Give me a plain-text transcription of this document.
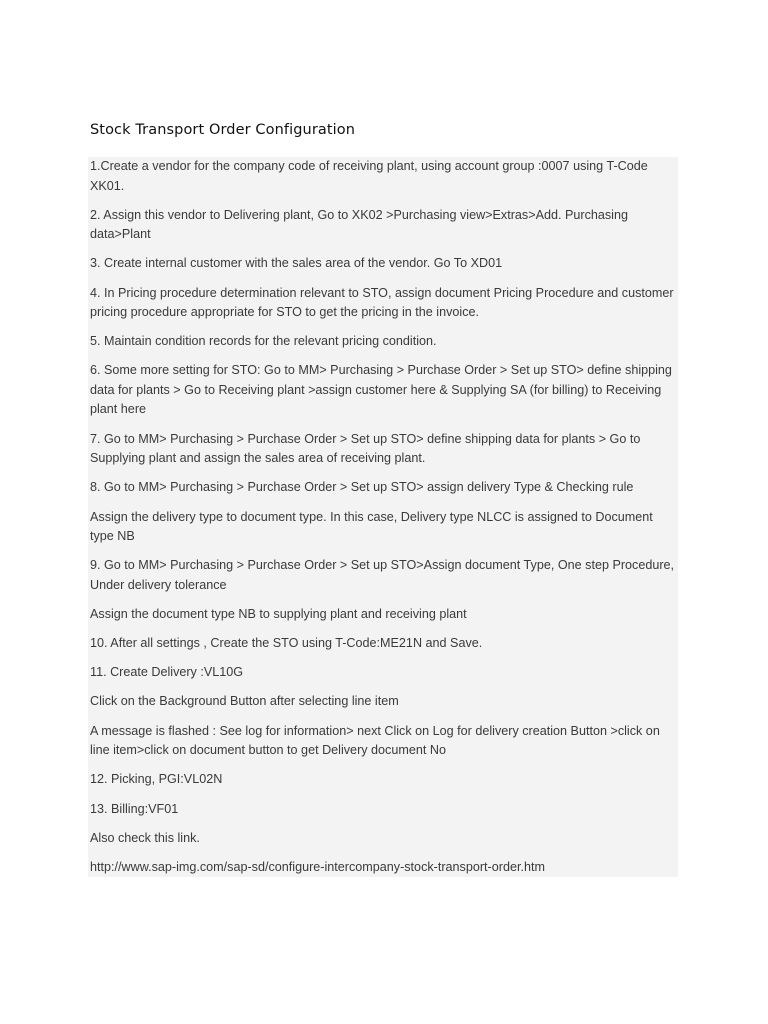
Stock Transport Order Configuration

1.Create a vendor for the company code of receiving plant, using account group :0007 using T-Code XK01.

2. Assign this vendor to Delivering plant, Go to XK02 >Purchasing view>Extras>Add. Purchasing data>Plant

3. Create internal customer with the sales area of the vendor. Go To XD01

4. In Pricing procedure determination relevant to STO, assign document Pricing Procedure and customer pricing procedure appropriate for STO to get the pricing in the invoice.

5. Maintain condition records for the relevant pricing condition.

6. Some more setting for STO: Go to MM> Purchasing > Purchase Order > Set up STO> define shipping data for plants > Go to Receiving plant >assign customer here & Supplying SA (for billing) to Receiving plant here

7. Go to MM> Purchasing > Purchase Order > Set up STO> define shipping data for plants > Go to Supplying plant and assign the sales area of receiving plant.

8. Go to MM> Purchasing > Purchase Order > Set up STO> assign delivery Type & Checking rule

Assign the delivery type to document type. In this case, Delivery type NLCC is assigned to Document type NB

9. Go to MM> Purchasing > Purchase Order > Set up STO>Assign document Type, One step Procedure, Under delivery tolerance

Assign the document type NB to supplying plant and receiving plant

10. After all settings , Create the STO using T-Code:ME21N and Save.

11. Create Delivery :VL10G

Click on the Background Button after selecting line item

A message is flashed : See log for information> next Click on Log for delivery creation Button >click on line item>click on document button to get Delivery document No

12. Picking, PGI:VL02N

13. Billing:VF01

Also check this link.

http://www.sap-img.com/sap-sd/configure-intercompany-stock-transport-order.htm
